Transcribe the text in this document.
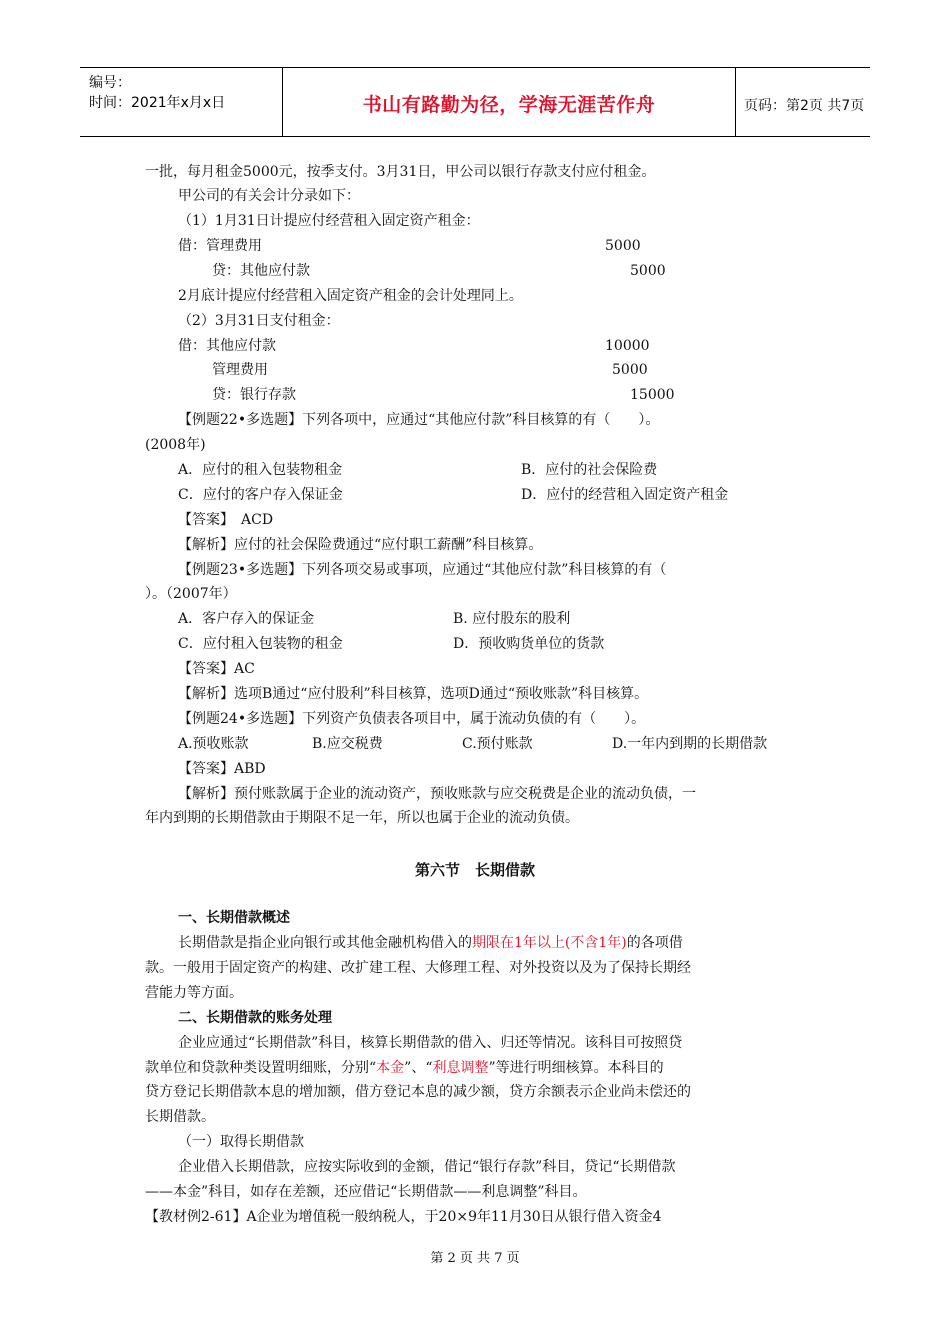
编号：
时间：2021年x月x日	书山有路勤为径，学海无涯苦作舟	页码：第2页 共7页
一批，每月租金5000元，按季支付。3月31日，甲公司以银行存款支付应付租金。
甲公司的有关会计分录如下：
（1）1月31日计提应付经营租入固定资产租金：
借：管理费用	5000
贷：其他应付款	5000
2月底计提应付经营租入固定资产租金的会计处理同上。
（2）3月31日支付租金：
借：其他应付款	10000
管理费用	5000
贷：银行存款	15000
【例题22•多选题】下列各项中，应通过“其他应付款”科目核算的有（　　）。
(2008年)
A．应付的租入包装物租金	B．应付的社会保险费
C．应付的客户存入保证金	D．应付的经营租入固定资产租金
【答案】　ACD
【解析】应付的社会保险费通过“应付职工薪酬”科目核算。
【例题23•多选题】下列各项交易或事项，应通过“其他应付款”科目核算的有（
）。（2007年）
A．客户存入的保证金	B. 应付股东的股利
C．应付租入包装物的租金	D．预收购货单位的货款
【答案】AC
【解析】选项B通过“应付股利”科目核算，选项D通过“预收账款”科目核算。
【例题24•多选题】下列资产负债表各项目中，属于流动负债的有（　　）。
A.预收账款	B.应交税费	C.预付账款	D.一年内到期的长期借款
【答案】ABD
【解析】预付账款属于企业的流动资产，预收账款与应交税费是企业的流动负债，一
年内到期的长期借款由于期限不足一年，所以也属于企业的流动负债。
第六节　长期借款
一、长期借款概述
长期借款是指企业向银行或其他金融机构借入的期限在1年以上(不含1年)的各项借
款。一般用于固定资产的构建、改扩建工程、大修理工程、对外投资以及为了保持长期经
营能力等方面。
二、长期借款的账务处理
企业应通过“长期借款”科目，核算长期借款的借入、归还等情况。该科目可按照贷
款单位和贷款种类设置明细账，分别“本金”、“利息调整”等进行明细核算。本科目的
贷方登记长期借款本息的增加额，借方登记本息的减少额，贷方余额表示企业尚未偿还的
长期借款。
（一）取得长期借款
企业借入长期借款，应按实际收到的金额，借记“银行存款”科目，贷记“长期借款
——本金”科目，如存在差额，还应借记“长期借款——利息调整”科目。
【教材例2-61】A企业为增值税一般纳税人，于20×9年11月30日从银行借入资金4
第 2 页 共 7 页
